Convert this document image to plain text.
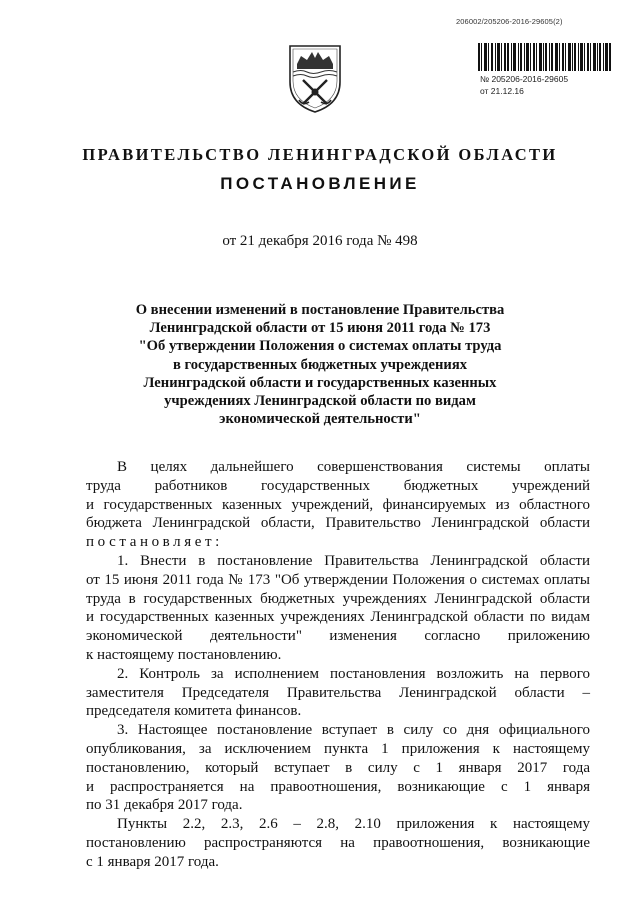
206002/205206-2016-29605(2)
№ 205206-2016-29605
от 21.12.16
ПРАВИТЕЛЬСТВО ЛЕНИНГРАДСКОЙ ОБЛАСТИ
ПОСТАНОВЛЕНИЕ
от 21 декабря 2016 года № 498
О внесении изменений в постановление Правительства
Ленинградской области от 15 июня 2011 года № 173
"Об утверждении Положения о системах оплаты труда
в государственных бюджетных учреждениях
Ленинградской области и государственных казенных
учреждениях Ленинградской области по видам
экономической деятельности"
В целях дальнейшего совершенствования системы оплаты
труда работников государственных бюджетных учреждений
и государственных казенных учреждений, финансируемых из областного
бюджета Ленинградской области, Правительство Ленинградской области
постановляет:
1. Внести в постановление Правительства Ленинградской области
от 15 июня 2011 года № 173 "Об утверждении Положения о системах оплаты
труда в государственных бюджетных учреждениях Ленинградской области
и государственных казенных учреждениях Ленинградской области по видам
экономической деятельности" изменения согласно приложению
к настоящему постановлению.
2. Контроль за исполнением постановления возложить на первого
заместителя Председателя Правительства Ленинградской области –
председателя комитета финансов.
3. Настоящее постановление вступает в силу со дня официального
опубликования, за исключением пункта 1 приложения к настоящему
постановлению, который вступает в силу с 1 января 2017 года
и распространяется на правоотношения, возникающие с 1 января
по 31 декабря 2017 года.
Пункты 2.2, 2.3, 2.6 – 2.8, 2.10 приложения к настоящему
постановлению распространяются на правоотношения, возникающие
с 1 января 2017 года.
